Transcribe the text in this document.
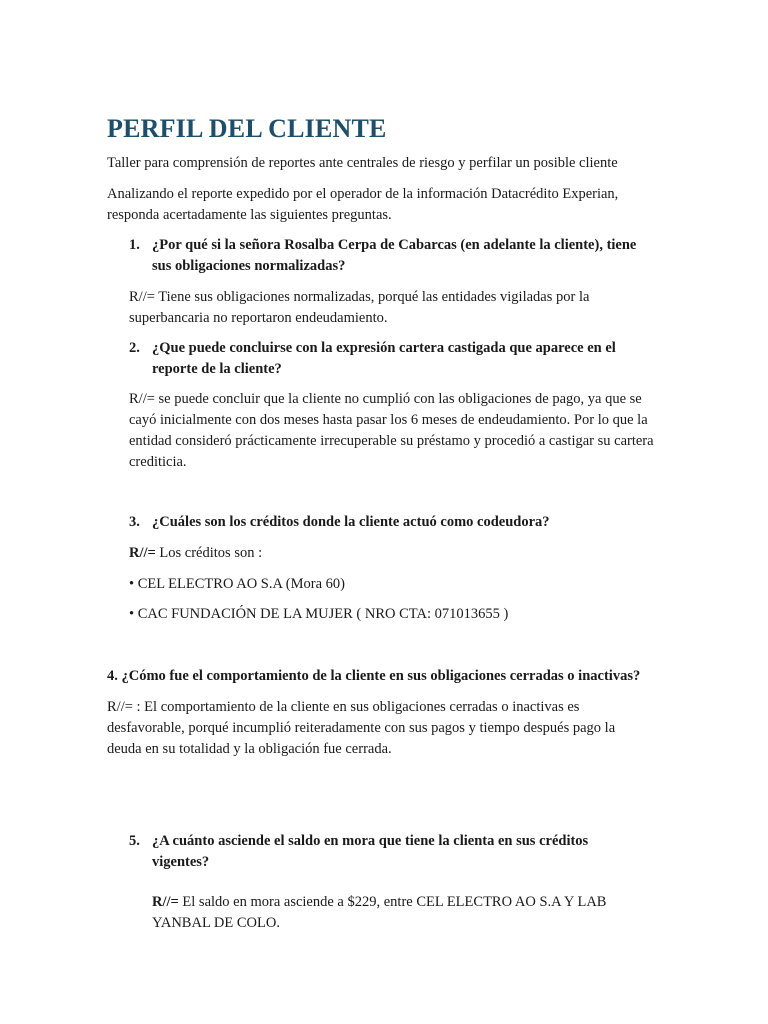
PERFIL DEL CLIENTE

Taller para comprensión de reportes ante centrales de riesgo y perfilar un posible cliente

Analizando el reporte expedido por el operador de la información Datacrédito Experian, responda acertadamente las siguientes preguntas.

1. ¿Por qué si la señora Rosalba Cerpa de Cabarcas (en adelante la cliente), tiene sus obligaciones normalizadas?

R//= Tiene sus obligaciones normalizadas, porqué las entidades vigiladas por la superbancaria no reportaron endeudamiento.

2. ¿Que puede concluirse con la expresión cartera castigada que aparece en el reporte de la cliente?

R//= se puede concluir que la cliente no cumplió con las obligaciones de pago, ya que se cayó inicialmente con dos meses hasta pasar los 6 meses de endeudamiento. Por lo que la entidad consideró prácticamente irrecuperable su préstamo y procedió a castigar su cartera crediticia.

3. ¿Cuáles son los créditos donde la cliente actuó como codeudora?

R//= Los créditos son :

• CEL ELECTRO AO S.A (Mora 60)

• CAC FUNDACIÓN DE LA MUJER ( NRO CTA: 071013655 )

4. ¿Cómo fue el comportamiento de la cliente en sus obligaciones cerradas o inactivas?

R//= : El comportamiento de la cliente en sus obligaciones cerradas o inactivas es desfavorable, porqué incumplió reiteradamente con sus pagos y tiempo después pago la deuda en su totalidad y la obligación fue cerrada.

5. ¿A cuánto asciende el saldo en mora que tiene la clienta en sus créditos vigentes?

R//= El saldo en mora asciende a $229, entre CEL ELECTRO AO S.A Y LAB YANBAL DE COLO.
